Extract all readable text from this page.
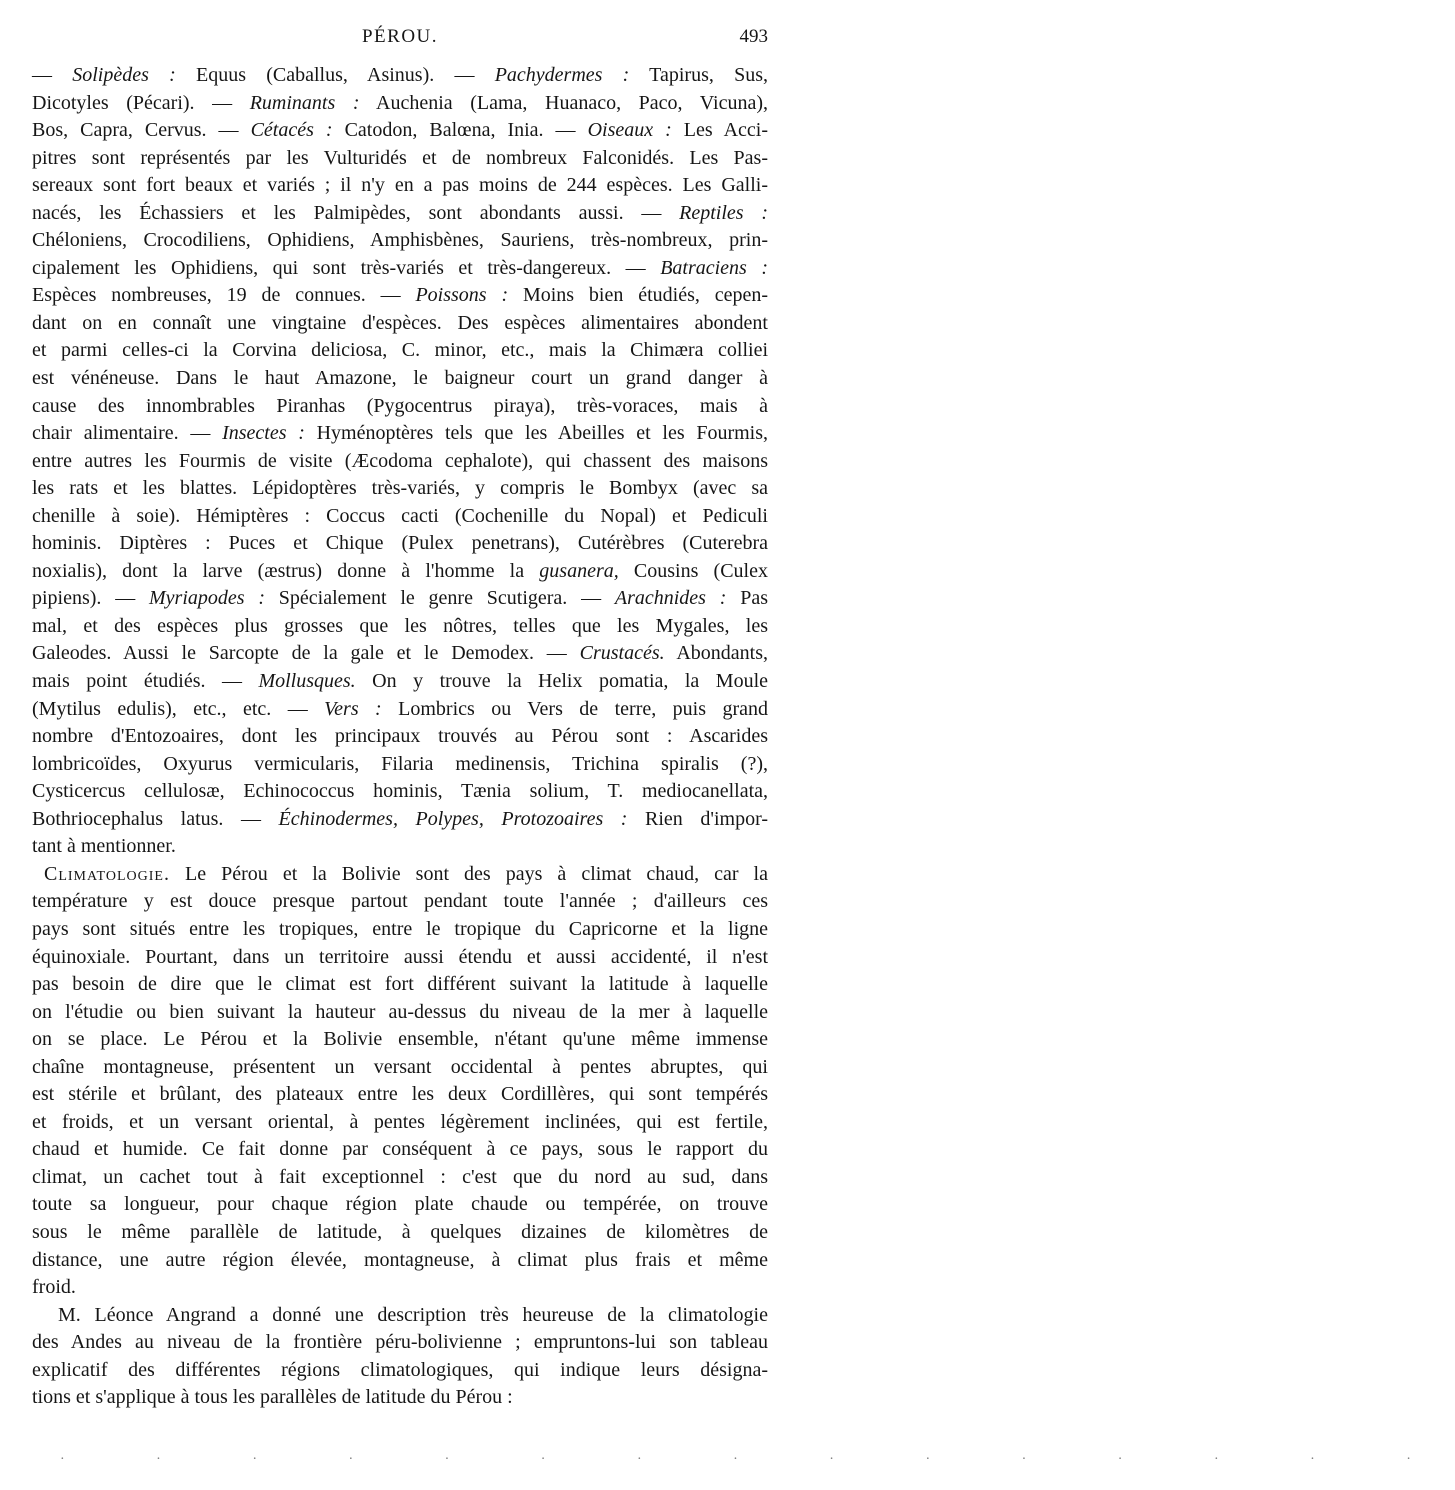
PÉROU.	493
— Solipèdes : Equus (Caballus, Asinus). — Pachydermes : Tapirus, Sus,
Dicotyles (Pécari). — Ruminants : Auchenia (Lama, Huanaco, Paco, Vicuna),
Bos, Capra, Cervus. — Cétacés : Catodon, Balœna, Inia. — Oiseaux : Les Acci-
pitres sont représentés par les Vulturidés et de nombreux Falconidés. Les Pas-
sereaux sont fort beaux et variés ; il n'y en a pas moins de 244 espèces. Les Galli-
nacés, les Échassiers et les Palmipèdes, sont abondants aussi. — Reptiles :
Chéloniens, Crocodiliens, Ophidiens, Amphisbènes, Sauriens, très-nombreux, prin-
cipalement les Ophidiens, qui sont très-variés et très-dangereux. — Batraciens :
Espèces nombreuses, 19 de connues. — Poissons : Moins bien étudiés, cepen-
dant on en connaît une vingtaine d'espèces. Des espèces alimentaires abondent
et parmi celles-ci la Corvina deliciosa, C. minor, etc., mais la Chimæra colliei
est vénéneuse. Dans le haut Amazone, le baigneur court un grand danger à
cause des innombrables Piranhas (Pygocentrus piraya), très-voraces, mais à
chair alimentaire. — Insectes : Hyménoptères tels que les Abeilles et les Fourmis,
entre autres les Fourmis de visite (Æcodoma cephalote), qui chassent des maisons
les rats et les blattes. Lépidoptères très-variés, y compris le Bombyx (avec sa
chenille à soie). Hémiptères : Coccus cacti (Cochenille du Nopal) et Pediculi
hominis. Diptères : Puces et Chique (Pulex penetrans), Cutérèbres (Cuterebra
noxialis), dont la larve (æstrus) donne à l'homme la gusanera, Cousins (Culex
pipiens). — Myriapodes : Spécialement le genre Scutigera. — Arachnides : Pas
mal, et des espèces plus grosses que les nôtres, telles que les Mygales, les
Galeodes. Aussi le Sarcopte de la gale et le Demodex. — Crustacés. Abondants,
mais point étudiés. — Mollusques. On y trouve la Helix pomatia, la Moule
(Mytilus edulis), etc., etc. — Vers : Lombrics ou Vers de terre, puis grand
nombre d'Entozoaires, dont les principaux trouvés au Pérou sont : Ascarides
lombricoïdes, Oxyurus vermicularis, Filaria medinensis, Trichina spiralis (?),
Cysticercus cellulosæ, Echinococcus hominis, Tænia solium, T. mediocanellata,
Bothriocephalus latus. — Échinodermes, Polypes, Protozoaires : Rien d'impor-
tant à mentionner.
Climatologie. Le Pérou et la Bolivie sont des pays à climat chaud, car la
température y est douce presque partout pendant toute l'année ; d'ailleurs ces
pays sont situés entre les tropiques, entre le tropique du Capricorne et la ligne
équinoxiale. Pourtant, dans un territoire aussi étendu et aussi accidenté, il n'est
pas besoin de dire que le climat est fort différent suivant la latitude à laquelle
on l'étudie ou bien suivant la hauteur au-dessus du niveau de la mer à laquelle
on se place. Le Pérou et la Bolivie ensemble, n'étant qu'une même immense
chaîne montagneuse, présentent un versant occidental à pentes abruptes, qui
est stérile et brûlant, des plateaux entre les deux Cordillères, qui sont tempérés
et froids, et un versant oriental, à pentes légèrement inclinées, qui est fertile,
chaud et humide. Ce fait donne par conséquent à ce pays, sous le rapport du
climat, un cachet tout à fait exceptionnel : c'est que du nord au sud, dans
toute sa longueur, pour chaque région plate chaude ou tempérée, on trouve
sous le même parallèle de latitude, à quelques dizaines de kilomètres de
distance, une autre région élevée, montagneuse, à climat plus frais et même
froid.
M. Léonce Angrand a donné une description très heureuse de la climatologie
des Andes au niveau de la frontière péru-bolivienne ; empruntons-lui son tableau
explicatif des différentes régions climatologiques, qui indique leurs désigna-
tions et s'applique à tous les parallèles de latitude du Pérou :
· · · · · · · · · · · · · · ·
